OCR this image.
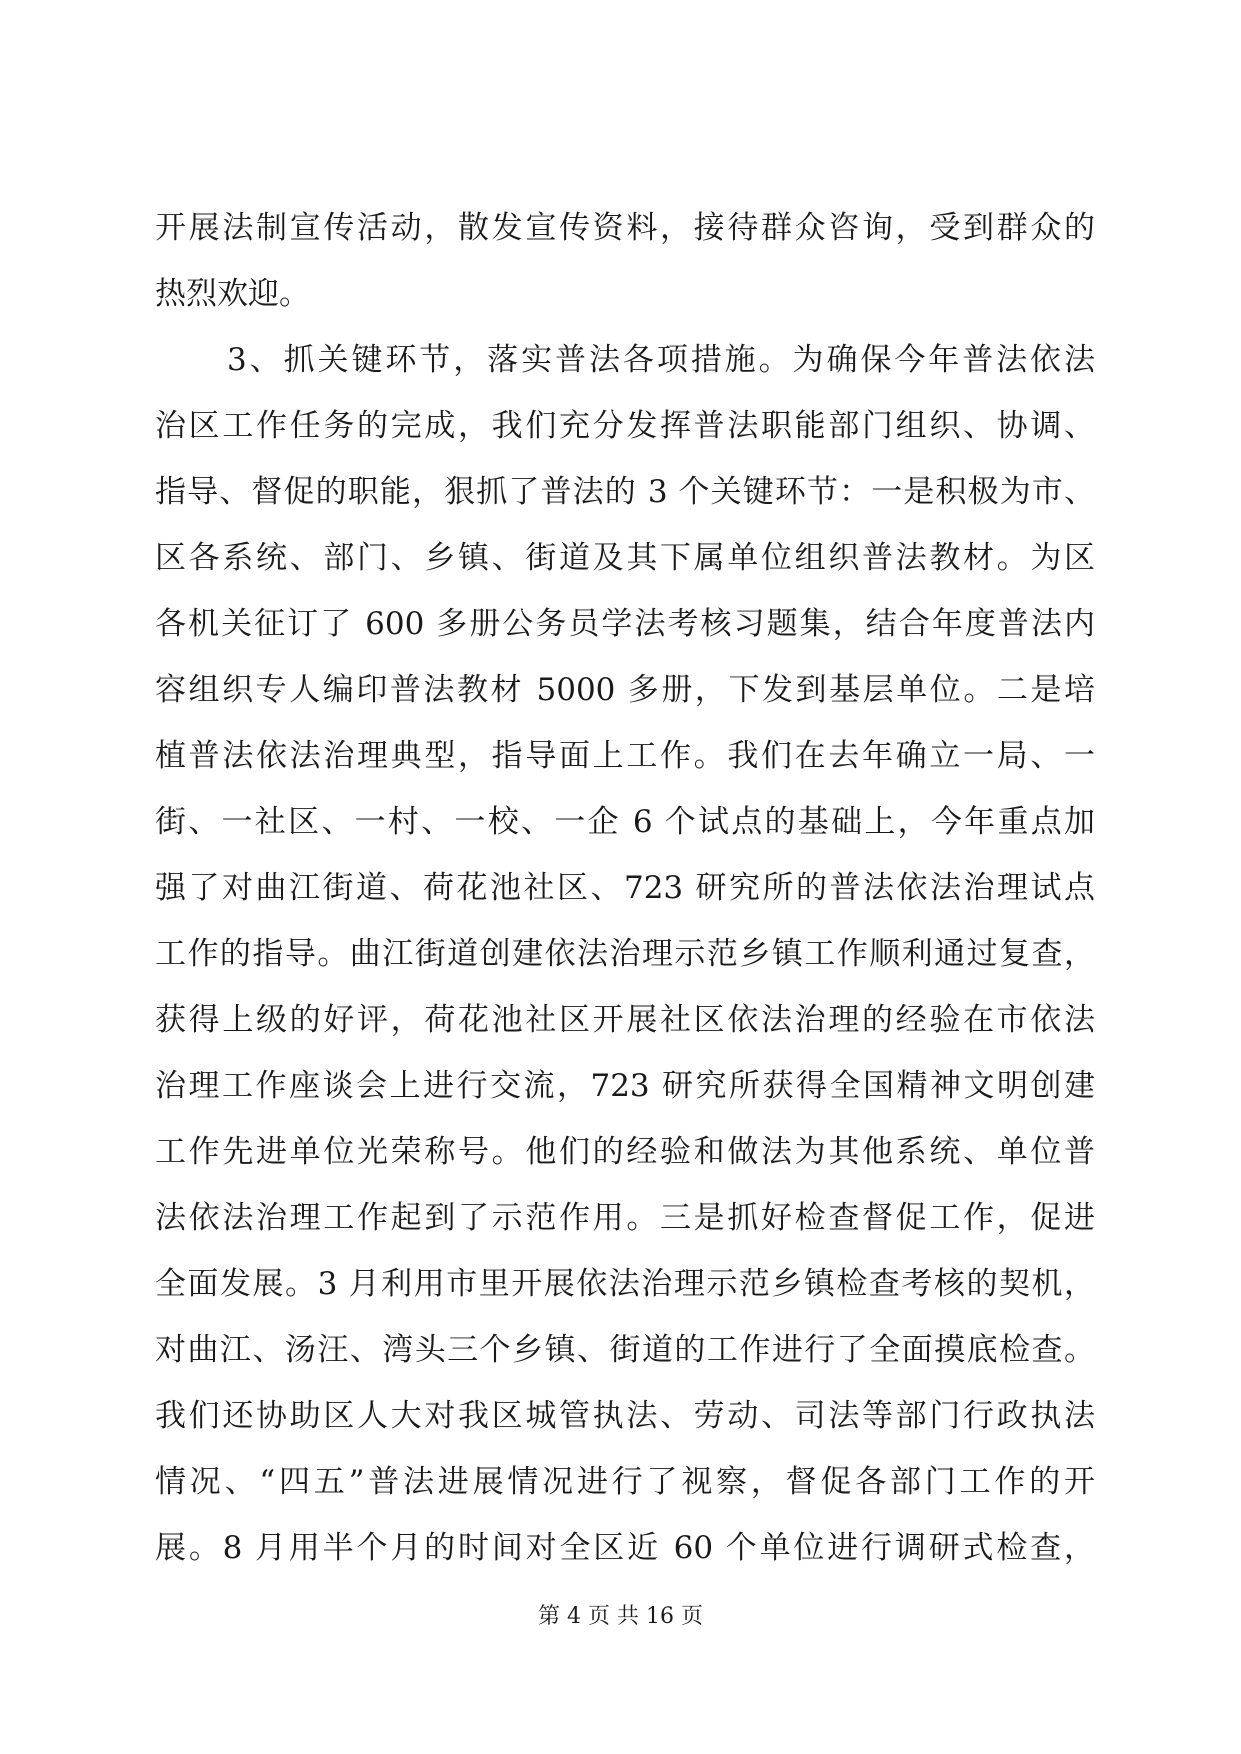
开展法制宣传活动，散发宣传资料，接待群众咨询，受到群众的
热烈欢迎。
3、抓关键环节，落实普法各项措施。为确保今年普法依法
治区工作任务的完成，我们充分发挥普法职能部门组织、协调、
指导、督促的职能，狠抓了普法的 3 个关键环节：一是积极为市、
区各系统、部门、乡镇、街道及其下属单位组织普法教材。为区
各机关征订了 600 多册公务员学法考核习题集，结合年度普法内
容组织专人编印普法教材 5000 多册，下发到基层单位。二是培
植普法依法治理典型，指导面上工作。我们在去年确立一局、一
街、一社区、一村、一校、一企 6 个试点的基础上，今年重点加
强了对曲江街道、荷花池社区、723 研究所的普法依法治理试点
工作的指导。曲江街道创建依法治理示范乡镇工作顺利通过复查，
获得上级的好评，荷花池社区开展社区依法治理的经验在市依法
治理工作座谈会上进行交流，723 研究所获得全国精神文明创建
工作先进单位光荣称号。他们的经验和做法为其他系统、单位普
法依法治理工作起到了示范作用。三是抓好检查督促工作，促进
全面发展。3 月利用市里开展依法治理示范乡镇检查考核的契机，
对曲江、汤汪、湾头三个乡镇、街道的工作进行了全面摸底检查。
我们还协助区人大对我区城管执法、劳动、司法等部门行政执法
情况、“四五”普法进展情况进行了视察，督促各部门工作的开
展。8 月用半个月的时间对全区近 60 个单位进行调研式检查，
第 4 页 共 16 页
